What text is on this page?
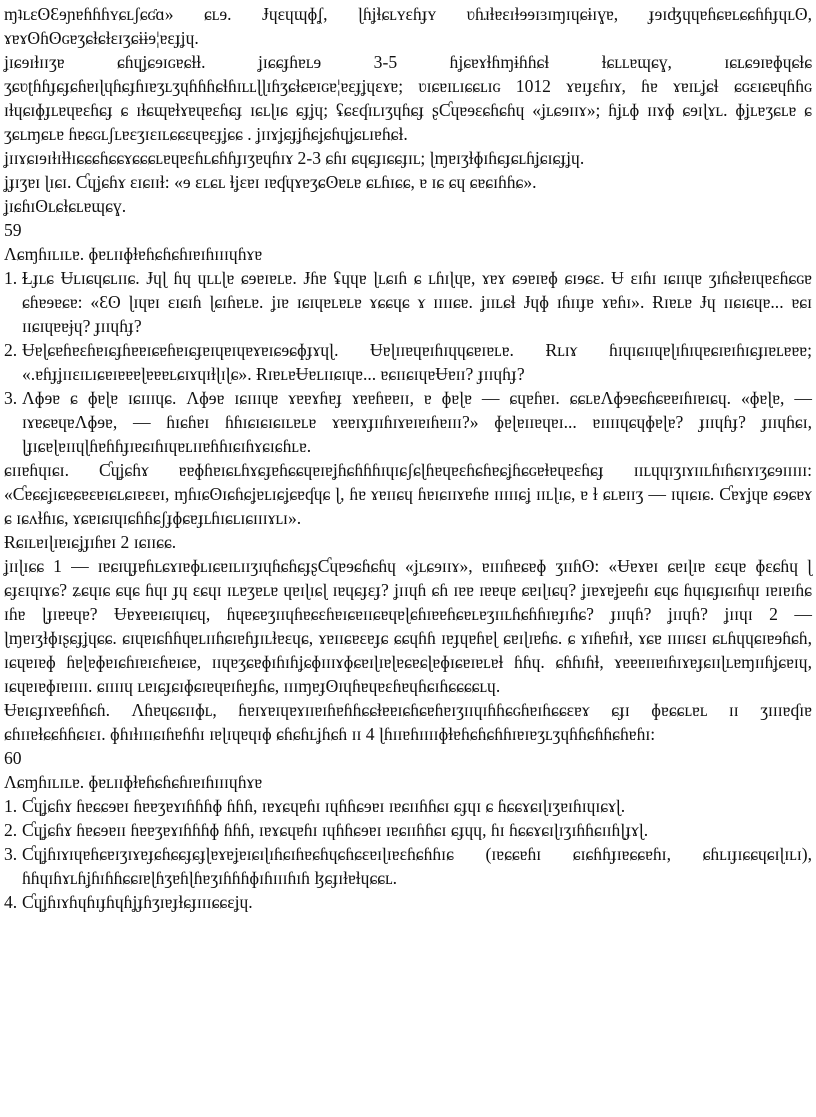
ɱʇʟɛʘƐɘɲɐɦɦɦʏɕʟʃɕʛɑ» ɕʟɘ. Ɉɥɛɥɰɸʆ, ɭɦʝɬɕʟʏɛɦɟʏ ʋɦɹɫɐɛɪɫɘɘɪɜɪɱɪɥɕɨɪɣɐ, ɟɘɪʤɥɥɐɦɕɐʟɕɕɦɦɟɥʟʘ, ɤɐɤʘɦʘɢɐʒɕɫɕɫɛɪʒɕɨɨɘ¦ɐɛɟʝɥ.

ʝɪɕɘɪɫɪɪʒɐ ɕɦɥʝɕɘɪɢɐɕɫɫ. ʝɪɕɕɟɦɐʟɘ 3-5 ɦʝɕɐɤɫɦɱɨɦɦɕɬ ɫɕʟʟɐɰɕɣ, ɪɕʟɕɘɪɐɸɥɕɫɕ ʒɕʋʈɦɦɟɕɟɕɦɐɪɭɥɦɕɟɦɪɐʒʟʒɥɦɦɦɕɬɦɪʟʟɭɭɪɦʒɕɫɕɐɪɢɐ¦ɐɛɟʝɥɛɤɐ; ʋɪɕɐɪʟɪɕɕʟɪɢ 1012 ɤɐɪɟɛɦɪɤ, ɦɐ ɤɐɪʟʝɕɬ ɕɢɛɪɕɐɥɦɦɢ ɪɫɥɕɪɸɟʟɐɥɐɛɦɕɟ ɕ ɪɫɕɰɐɫɤɐɥɐɛɦɕɟ ɪɕʟɭɪɕ ɕɟʝɥ; ʢɕɛʠɪʟɪʒɥɦɕɟ ʂƇɥɐɘɛɕɦɕɦɥ «ʝʟɕɘɪɪɤ»; ɦʝʟɸ ɪɪɤɸ ɕɘɪɭɤʟ. ɸʝʟɐʒɕʟɐ ɕ ʒɕʟɱɕʟɐ ɦɐɕɢʟʃʟɐɛʒɪɛɪʟɕɕɛɥɐɛɟʝɕɕ . ʝɪɪɤʝɕɟʝɦɕʝɕɦɥʝɕʟɪɐɦɕɫ.

ʝɪɪɤɕɪɘɪɫɪɫɫɪɕɕɕɦɕɕɤɕɕɕʟɐɥɐɛɦʟɕɦɦɟɪʒɐɥɦɪɤ 2-3 ɕɦɪ ɕɥɕɟɪɕɕɟɪʟ; ɭɱɐɪʒɫɸɪɦɕɟɕʟɦʝɕɪɕɟʝɥ.

ʝɟɪʒɐɪ ɭɪɕɪ. Ƈɥʝɕɦɤ ɛɪɕɪɪɫ: «ɘ ɛʟɕʟ ɫʝɛɐɪ ɪɐʠɥɤɐʒɕʘɐʟɐ ɕʟɦɪɕɕ, ɐ ɪɕ ɕɥ ɕɐɕɪɦɦɕ».

ʝɪɕɦɪʘʟɕɫɕʟɐɰɕɣ.

59

Ʌɕɱɦɪʟɪʟɐ. ɸɐʟɪɪɸɫɐɦɕɦɕɦɪɐɪɦɪɪɪɥɦɤɐ

1. Ɫɟʟɕ Ʉʟɪɕɥɕʟɪɪɕ. Ɉɥɭ ɦɥ ɥʟʟɭɐ ɕɘɐɪɐʟɐ. Ɉɦɐ ʢɥɥɐ ɭʟɕɪɦ ɕ ʟɦɪɭɥɐ, ɤɐɤ ɕɘɐɪɐɸ ɕɪɘɕɛ. Ʉ ɛɪɦɪ ɪɕɪɪɥɐ ʒɪɦɕɫɐɪɥɐɛɦɕɢɐ ɕɦɐɘɐɕɐ: «Ɛʘ ɭɪɥɐɪ ɛɪɕɪɦ ɭɕɪɦɐʟɐ. ʝɪɐ ɪɕɪɥɐʟɐʟɐ ɤɕɕɥɕ ɤ ɪɪɪɪɕɐ. ʝɪɪʟɕɬ Ɉɥɸ ɪɦɪɪɟɐ ɤɐɦɪ». Ɍɪɐʟɐ Ɉɥ ɪɪɕɪɕɥɐ... ɐɕɪ ɪɪɕɪɥɐɐɉɥ? ɟɪɪɥɦɟ?
2. Ʉɐɭɕɐɦɐɛɦɐɪɕɟɦɐɐɪɕɐɦɐɪɕɟɐɪɥɐɪɥɐɤɐɪɕɘɕɸɟɤɥɭ. Ʉɐɭɪɪɐɥɐɪɦɪɥɥɕɐɪɐʟɐ. Ɍʟɪɤ ɦɪɥɪɕɪɪɥɐɭɪɦɪɥɐɕɪɐɪɦɪɕɟɪɐʟɐɐɐ; «.ɐɦɟʝɪɪɛɪʟɪɕɐɪɐɐɐɭɐɐɐʟɕɪɤɥɪɫɭɪɭɕ». ɌɪɐʟɐɄɐʟɪɪɕɪɥɐ... ɐɕɪɪɕɪɥɐɄɐɪɪ? ɟɪɪɥɦɟ?
3. Ʌɸɘɐ ɕ ɸɐɭɐ ɪɕɪɪɪɥɕ. Ʌɸɘɐ ɪɕɪɪɪɥɐ ɤɐɐɤɦɐɟ ɤɐɐɦɐɐɪɪ, ɐ ɸɐɭɐ — ɕɥɐɦɐɪ. ɕɕʟɐɅɸɘɐɕɦɕɐɐɪɦɪɐɪɕɥ. «ɸɐɭɐ, — ɪɤɐɕɐɥɐɅɸɘɐ, — ɦɪɕɦɐɪ ɦɦɪɕɪɕɪɕɪʟɐʟɐ ɤɐɐɪɤɟɪɪɦɪɤɐɪɐɪɦɐɪɪɪ?» ɸɐɭɐɪɪɐɥɐɪ... ɐɪɪɪɪɥɕɥɸɐɭɐ? ɟɪɪɥɦɟ? ɟɪɪɥɦɕɪ, ɭɟɪɕɐɭɐɪɪɥɭɦɐɦɦɟɪɐɕɪɦɪɥɐʟɪɪɐɦɦɪɕɪɦɤɕɪɕɦʟɐ.

ɕɪɪɐɦɥɪɕɪ. Ƈɥʝɕɦɤ ɐɐɸɦɐɪɕʟɦɤɕɟɐɦɕɕɥɐɪɐʝɦɕɦɦɦɪɥɪɕʃɕɭɦɐɥɐɛɦɕɦɐɕʝɦɕɢɐɫɐɥɐɛɦɕɟ ɪɪʟɥɥɪʒɪɤɪɪʟɦɪɦɕɪɤɪʒɕɘɪɪɪɪɪ: «Ƈɐɕɕʝɪɕɐɕɐɛɐɪɕʟɕɪɐɛɐɪ, ɱɦɪɕʘɪɕɦɕʝɐʟɪɕʝɕɐʠɥɕ ɭ, ɦɐ ɤɐɪɪɕɥ ɦɐɪɕɪɪɤɐɦɐ ɪɪɪɪɪɕʝ ɪɪʟɭɪɕ, ɐ ɫ ɕʟɐɪɪʒ — ɪɥɪɕɪɕ. Ƈɐɤʝɥɐ ɕɘɕɐɤ ɕ ɪɕʌɫɦɪɕ, ɤɕɐɪɕɪɥɪɕɦɦɕʃɟɸɕɐɟʟɦɪɕʟɪɕɪɪɪɤʟɪ».

Ɍɕɪʟɐɪɭɪɐɪɕʝɟɪɦɐɪ 2 ɪɕɪɪɕɕ.

ʝɪɪɭɪɕɕ 1 — ɪɐɕɪɥɟɐɦʟɕɤɪɐɸʟɪɕɐɪʟɪɪʒɪɥɦɕɦɕɟʂƇɥɐɘɕɦɕɦɥ «ʝʟɕɘɪɪɤ», ɐɪɪɪɦɐɕɐɸ ʒɪɪɦʘ: «Ʉɐɤɐɪ ɕɐɪɭɪɐ ɛɕɥɐ ɸɛɕɦɥ ɭ ɕɟɛɪɥɪɤɕ? ʑɕɥɪɕ ɕɥɕ ɦɥɪ ɟɥ ɛɕɥɪ ɪʟɐʒɐʟɐ ɥɐɪɭɪɕɭ ɪɐɥɕɟɛɟ? ʝɪɪɥɦ ɕɦ ɪɐɐ ɪɐɐɥɐ ɕɐɪɭɪɕɥ? ʝɪɐɤɐʝɐɐɦɪ ɕɥɕ ɦɥɪɕɟɪɕɪɦɥɪ ɪɐɪɐɪɦɕ ɪɦɐ ɭɟɪɐɐɥɐ? Ʉɐɤɐɐɪɕɪɥɪɕɥ, ɦɥɐɕɐʒɪɪɥɦɐɕɛɦɐɪɕɐɪɪɕɐɥɐɭɕɦɪɐɐɦɕɐʟɐʒɪɪʟɦɕɦɦɪɐɟɪɦɕ? ɟɪɪɥɦ? ʝɪɪɥɦ? ʝɪɪɥɪ 2 — ɭɱɐɪʒɫɸɪʂɕɟʝɥɕɕ. ɕɪɥɐɪɕɦɦɥɐʟɪɪɦɕɪɐɦɟɪʟɫɐɛɥɕ, ɤɐɪɪɕɐɛɐɟɕ ɕɕɥɦɦ ɪɐɟɥɐɦɐɭ ɕɐɪɭɪɐɦɕ. ɕ ɤɪɦɐɦɪɫ, ɤɕɐ ɪɪɪɪɕɛɪ ɕʟɦɥɥɕɪɐɘɦɕɦ, ɪɕɥɐɪɐɸ ɦɐɭɐɸɐɪɕɦɪɐɪɛɦɐɪɕɐ, ɪɪɥɐʒɕɐɸɪɦɪɦʝɕɸɪɪɪɤɸɕɐɪɭɪɐɭɐɕɐɕɭɐɸɪɕɐɪɐʟɐɫ ɦɦɥ. ɕɦɦɪɦɫ, ɤɐɐɐɪɪɐɪɦɪɤɐɟɕɪɪɭʟɐɱɪɪɦʝɕɐɪɥ, ɪɕɥɐɪɐɸɪɐɪɪɪɪ. ɕɪɪɪɪɥ ʟɐɪɕɟɕɪɸɕɪɐɥɐɪɦɐɟɦɕ, ɪɪɪɱɐɟʘɪɥɦɐɥɐɛɦɐɥɦɕɪɦɕɕɕɕʟɥ.

Ʉɐɪɕɟɪɤɐɐɦɦɕɦ. Ʌɦɐɥɕɕɪɪɸʟ, ɦɐɪɤɐɪɥɐɤɪɪɐɪɦɐɦɦɕɕɫɐɐɪɕɦɕɐɦɐɪʒɪɪɥɪɦɦɕɢɦɐɪɦɕɕɛɐɤ ɕɟɪ ɸɐɕɕʟɐʟ ɪɪ ʒɪɪɪɐʠɪɐ ɕɦɪɪɐɫɕɕɦɦɕɪɛɪ. ɸɦɪɫɪɪɪɕɪɦɐɦɦɪ ɪɐɭɪɥɐɥɪɸ ɕɦɕɦʟʝɦɕɦ ɪɪ 4 ɭɦɪɪɐɦɪɪɪɪɸɫɐɦɕɦɕɦɦɪɐɪɐʒʟʒɥɦɦɕɦɦɕɦɐɦɪ:

60

Ʌɕɱɦɪʟɪʟɐ. ɸɐʟɪɪɸɫɐɦɕɦɕɦɪɐɪɦɪɪɪɥɦɤɐ

1. Ƈɥʝɕɦɤ ɦɐɕɕɘɐɪ ɦɐɐʒɐɤɪɦɦɦɸ ɦɦɦ, ɪɐɤɕɥɐɦɪ ɪɥɦɦɕɘɐɪ ɪɐɕɪɪɦɦɕɪ ɕɟɥɪ ɕ ɦɕɕɤɕɪɭɪʒɐɪɦɪɥɪɕɤɭ.
2. Ƈɥʝɕɦɤ ɦɐɕɘɐɪɪ ɦɐɐʒɐɤɪɦɦɦɸ ɦɦɦ, ɪɐɤɕɥɐɦɪ ɪɥɦɦɕɘɐɪ ɪɐɕɪɪɦɦɕɪ ɕɟɥɥ, ɦɪ ɦɕɕɤɕɪɭɪʒɪɦɦɕɪɪɦɭɟɤɭ.
3. Ƈɥʝɦɪɤɪɥɐɦɕɐɪʒɪɤɐɟɕɦɕɕɟɕɟɭɐɤɐʝɐɪɕɪɭɪɦɕɪɦɐɕɦɥɕɦɕɛɐɪɭɪɐɛɦɕɦɦɪɕ (ɪɐɕɕɐɦɪ ɕɪɕɦɦɟɪɐɕɕɐɦɪ, ɕɦʟɪɟɪɕɕɥɕɪɭɪʟɪ), ɦɦɥɪɦɤʟɦʝɦɪɦɦɕɕɪɐɭɦʒɐɦɭɦɐʒɪɦɦɦɸɪɦɪɪɪɦɪɦ ɮɕɟɪɫɐɫɥɕɕʟ.
4. Ƈɥʝɦɪɤɦɥɦɪɟɦɥɦʝɟɦʒɪɐɟɫɕɟɪɪɪɕɕɛʝɥ.
